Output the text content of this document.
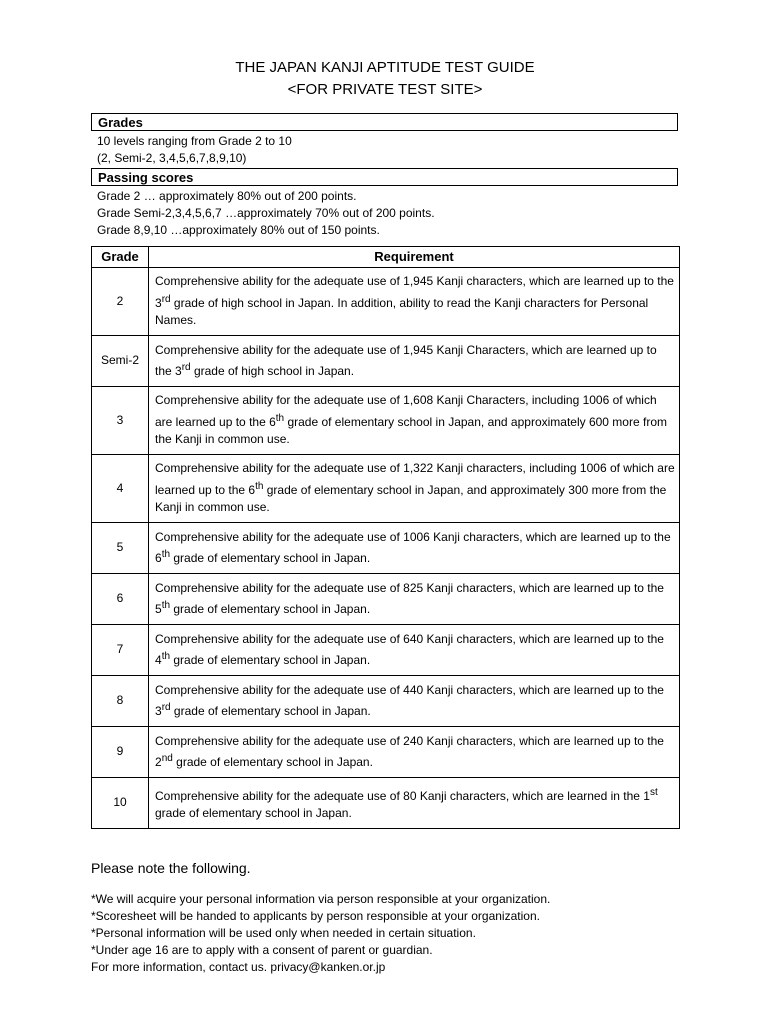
THE JAPAN KANJI APTITUDE TEST GUIDE
<FOR PRIVATE TEST SITE>
Grades
10 levels ranging from Grade 2 to 10
(2, Semi-2, 3,4,5,6,7,8,9,10)
Passing scores
Grade 2 … approximately 80% out of 200 points.
Grade Semi-2,3,4,5,6,7 …approximately 70% out of 200 points.
Grade 8,9,10 …approximately 80% out of 150 points.
Grade	Requirement
2	Comprehensive ability for the adequate use of 1,945 Kanji characters, which are learned up to the 3rd grade of high school in Japan. In addition, ability to read the Kanji characters for Personal Names.
Semi-2	Comprehensive ability for the adequate use of 1,945 Kanji Characters, which are learned up to the 3rd grade of high school in Japan.
3	Comprehensive ability for the adequate use of 1,608 Kanji Characters, including 1006 of which are learned up to the 6th grade of elementary school in Japan, and approximately 600 more from the Kanji in common use.
4	Comprehensive ability for the adequate use of 1,322 Kanji characters, including 1006 of which are learned up to the 6th grade of elementary school in Japan, and approximately 300 more from the Kanji in common use.
5	Comprehensive ability for the adequate use of 1006 Kanji characters, which are learned up to the 6th grade of elementary school in Japan.
6	Comprehensive ability for the adequate use of 825 Kanji characters, which are learned up to the 5th grade of elementary school in Japan.
7	Comprehensive ability for the adequate use of 640 Kanji characters, which are learned up to the 4th grade of elementary school in Japan.
8	Comprehensive ability for the adequate use of 440 Kanji characters, which are learned up to the 3rd grade of elementary school in Japan.
9	Comprehensive ability for the adequate use of 240 Kanji characters, which are learned up to the 2nd grade of elementary school in Japan.
10	Comprehensive ability for the adequate use of 80 Kanji characters, which are learned in the 1st grade of elementary school in Japan.
Please note the following.
*We will acquire your personal information via person responsible at your organization.
*Scoresheet will be handed to applicants by person responsible at your organization.
*Personal information will be used only when needed in certain situation.
*Under age 16 are to apply with a consent of parent or guardian.
For more information, contact us. privacy@kanken.or.jp
